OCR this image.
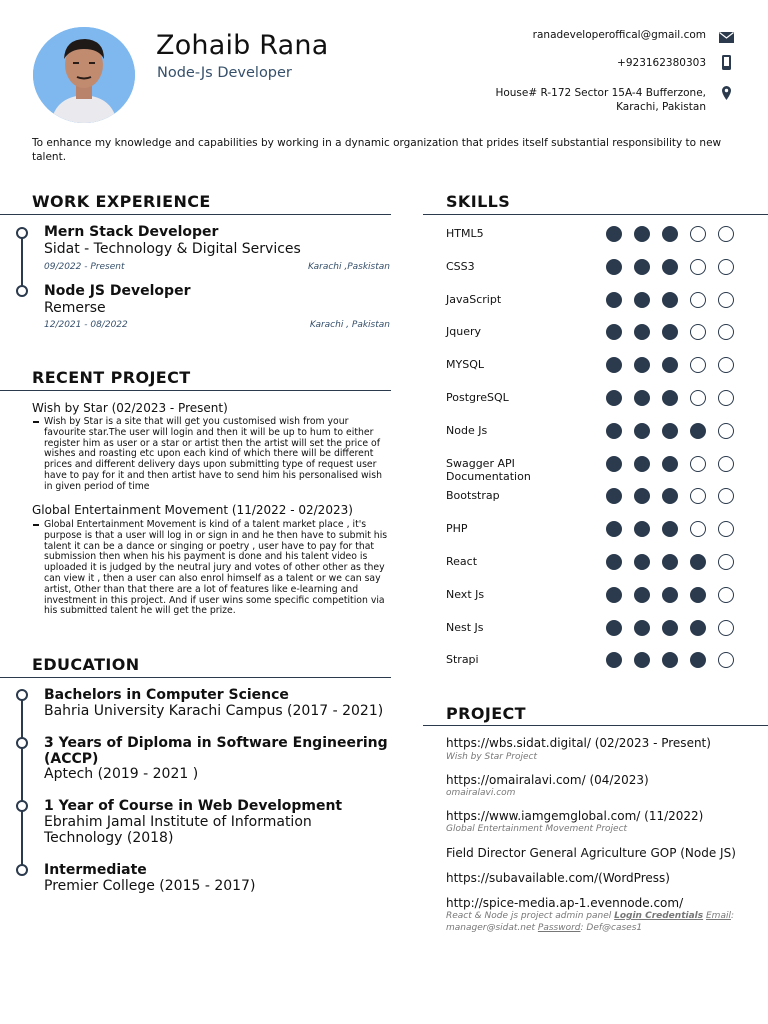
Zohaib Rana
Node-Js Developer
ranadeveloperoffical@gmail.com
+923162380303
House# R-172 Sector 15A-4 Bufferzone,
Karachi, Pakistan
To enhance my knowledge and capabilities by working in a dynamic organization that prides itself substantial responsibility to new talent.
WORK EXPERIENCE
Mern Stack Developer
Sidat - Technology & Digital Services
09/2022 - Present	Karachi ,Paskistan
Node JS Developer
Remerse
12/2021 - 08/2022	Karachi , Pakistan
RECENT PROJECT
Wish by Star (02/2023 - Present)
Wish by Star is a site that will get you customised wish from your favourite star.The user will login and then it will be up to hum to either register him as user or a star or artist then the artist will set the price of wishes and roasting etc upon each kind of which there will be different prices and different delivery days upon submitting type of request user have to pay for it and then artist have to send him his personalised wish in given period of time
Global Entertainment Movement (11/2022 - 02/2023)
Global Entertainment Movement is kind of a talent market place , it's purpose is that a user will log in or sign in and he then have to submit his talent it can be a dance or singing or poetry , user have to pay for that submission then when his his payment is done and his talent video is uploaded it is judged by the neutral jury and votes of other other as they can view it , then a user can also enrol himself as a talent or we can say artist, Other than that there are a lot of features like e-learning and investment in this project. And if user wins some specific competition via his submitted talent he will get the prize.
EDUCATION
Bachelors in Computer Science
Bahria University Karachi Campus (2017 - 2021)
3 Years of Diploma in Software Engineering (ACCP)
Aptech (2019 - 2021 )
1 Year of Course in Web Development
Ebrahim Jamal Institute of Information Technology (2018)
Intermediate
Premier College (2015 - 2017)
SKILLS
HTML5
CSS3
JavaScript
Jquery
MYSQL
PostgreSQL
Node Js
Swagger API Documentation
Bootstrap
PHP
React
Next Js
Nest Js
Strapi
PROJECT
https://wbs.sidat.digital/ (02/2023 - Present)
Wish by Star Project
https://omairalavi.com/ (04/2023)
omairalavi.com
https://www.iamgemglobal.com/ (11/2022)
Global Entertainment Movement Project
Field Director General Agriculture GOP (Node JS)
https://subavailable.com/(WordPress)
http://spice-media.ap-1.evennode.com/
React & Node js project admin panel Login Credentials Email: manager@sidat.net Password: Def@cases1
